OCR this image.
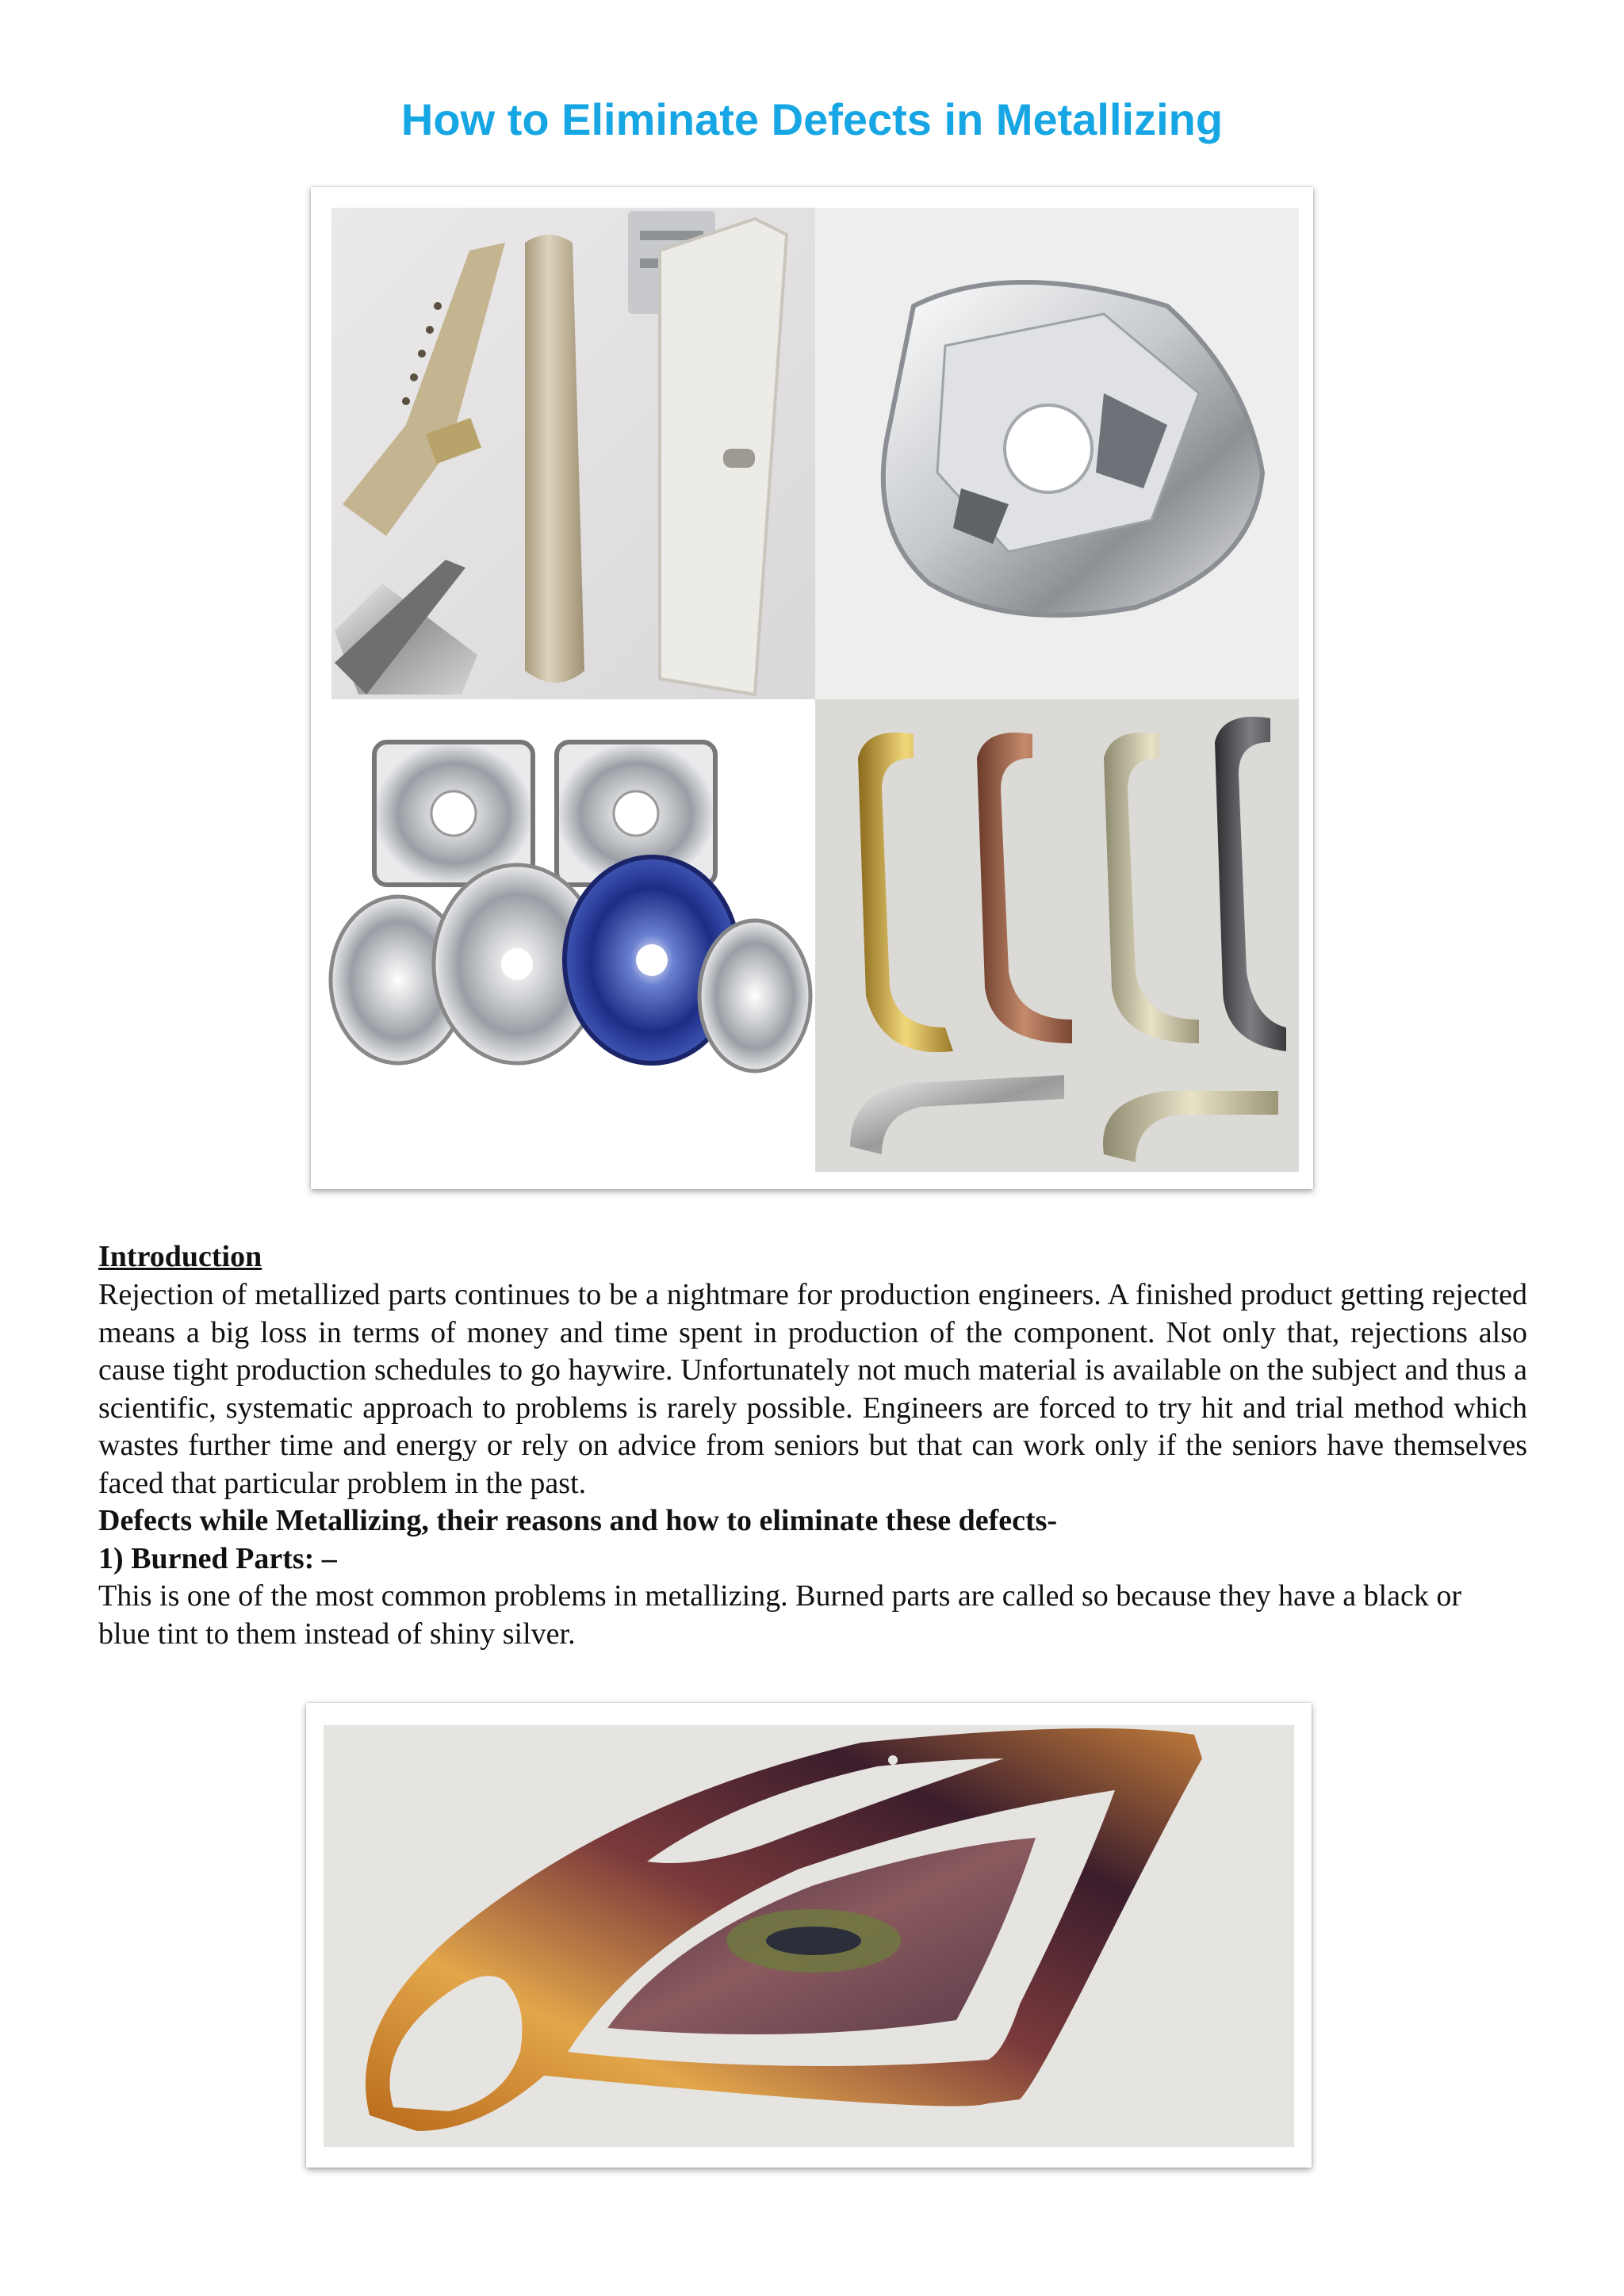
How to Eliminate Defects in Metallizing
Introduction

Rejection of metallized parts continues to be a nightmare for production engineers. A finished product getting rejected means a big loss in terms of money and time spent in production of the component. Not only that, rejections also cause tight production schedules to go haywire. Unfortunately not much material is available on the subject and thus a scientific, systematic approach to problems is rarely possible. Engineers are forced to try hit and trial method which wastes further time and energy or rely on advice from seniors but that can work only if the seniors have themselves faced that particular problem in the past.

Defects while Metallizing, their reasons and how to eliminate these defects-
1) Burned Parts: –

This is one of the most common problems in metallizing. Burned parts are called so because they have a black or blue tint to them instead of shiny silver.
